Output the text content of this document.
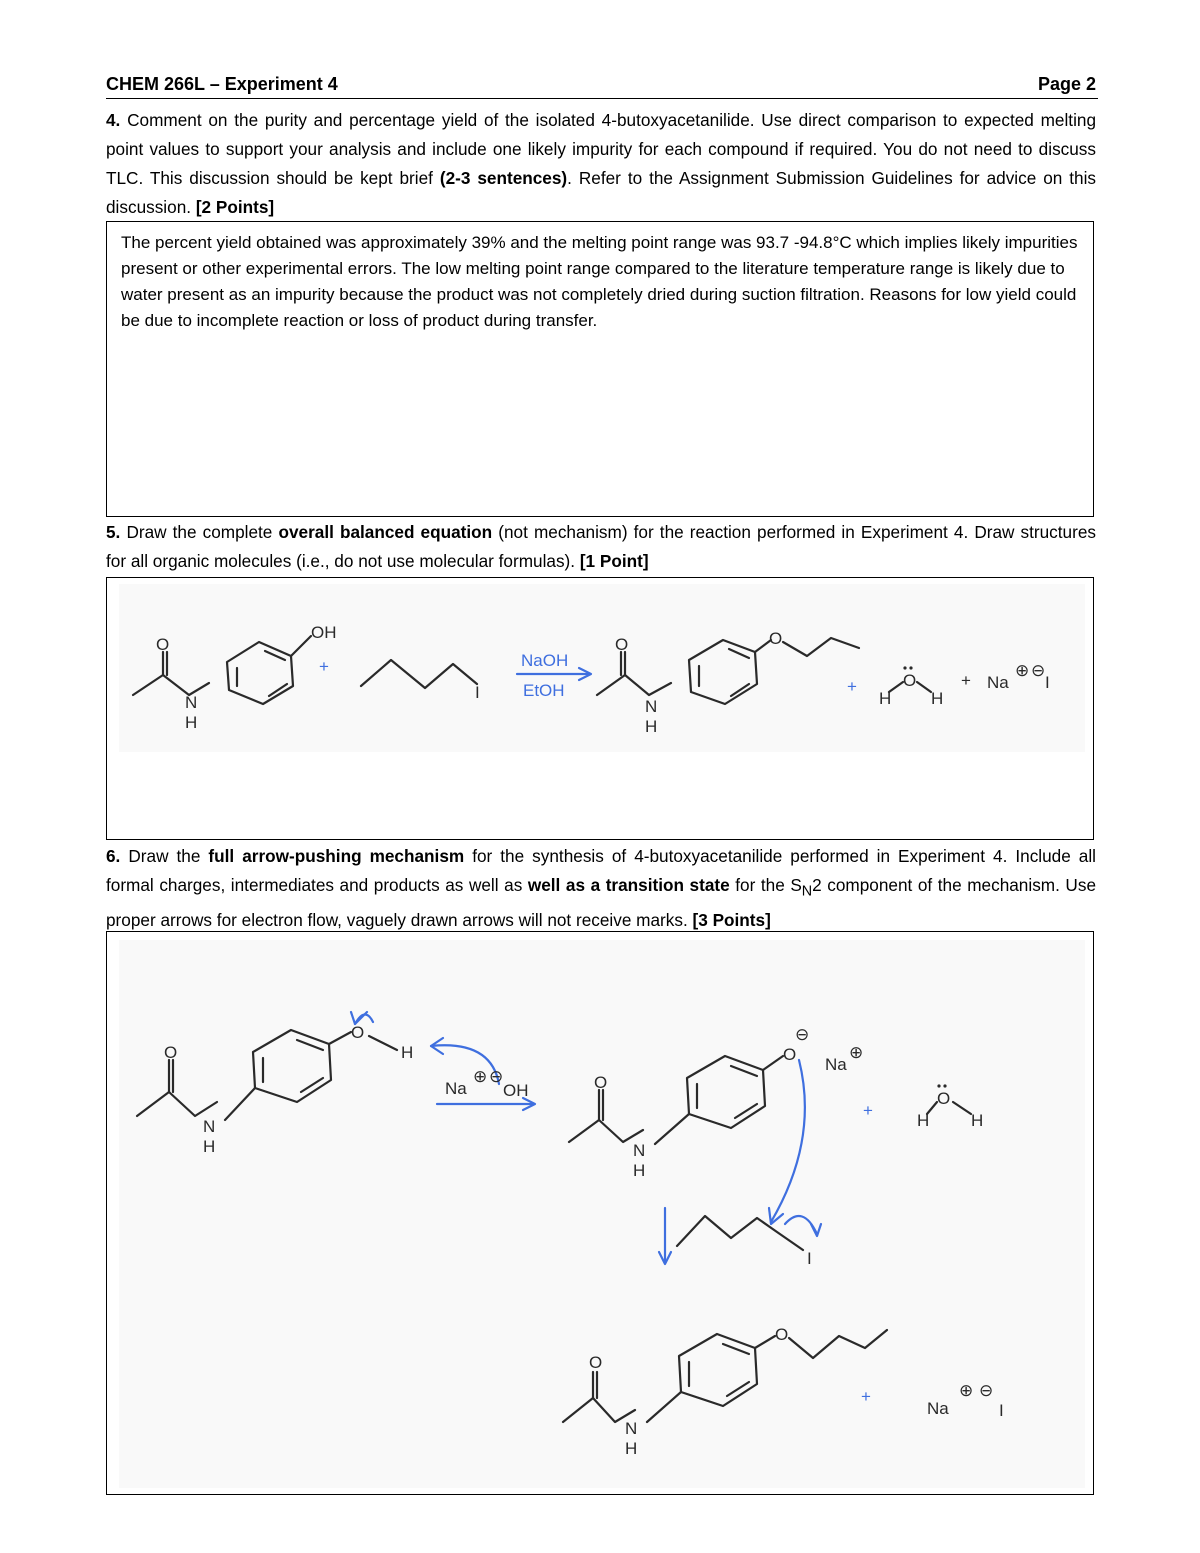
CHEM 266L – Experiment 4	Page 2
4. Comment on the purity and percentage yield of the isolated 4-butoxyacetanilide. Use direct comparison to expected melting point values to support your analysis and include one likely impurity for each compound if required. You do not need to discuss TLC. This discussion should be kept brief (2-3 sentences). Refer to the Assignment Submission Guidelines for advice on this discussion. [2 Points]
The percent yield obtained was approximately 39% and the melting point range was 93.7 -94.8°C which implies likely impurities present or other experimental errors. The low melting point range compared to the literature temperature range is likely due to water present as an impurity because the product was not completely dried during suction filtration. Reasons for low yield could be due to incomplete reaction or loss of product during transfer.
5. Draw the complete overall balanced equation (not mechanism) for the reaction performed in Experiment 4. Draw structures for all organic molecules (i.e., do not use molecular formulas). [1 Point]
O
N
H
OH
+
I
NaOH
EtOH
O
N
H
O
+
H
O
H
+ Na
⊕ ⊖
I
6. Draw the full arrow-pushing mechanism for the synthesis of 4-butoxyacetanilide performed in Experiment 4. Include all formal charges, intermediates and products as well as well as a transition state for the $S_N2$ component of the mechanism. Use proper arrows for electron flow, vaguely drawn arrows will not receive marks. [3 Points]
O
N
H
O
H
Na
⊕ ⊖
OH	O
N
H
O
⊖
Na
⊕
+
H
O
H
I
O
N
H
O
+
Na
⊕ ⊖
I
